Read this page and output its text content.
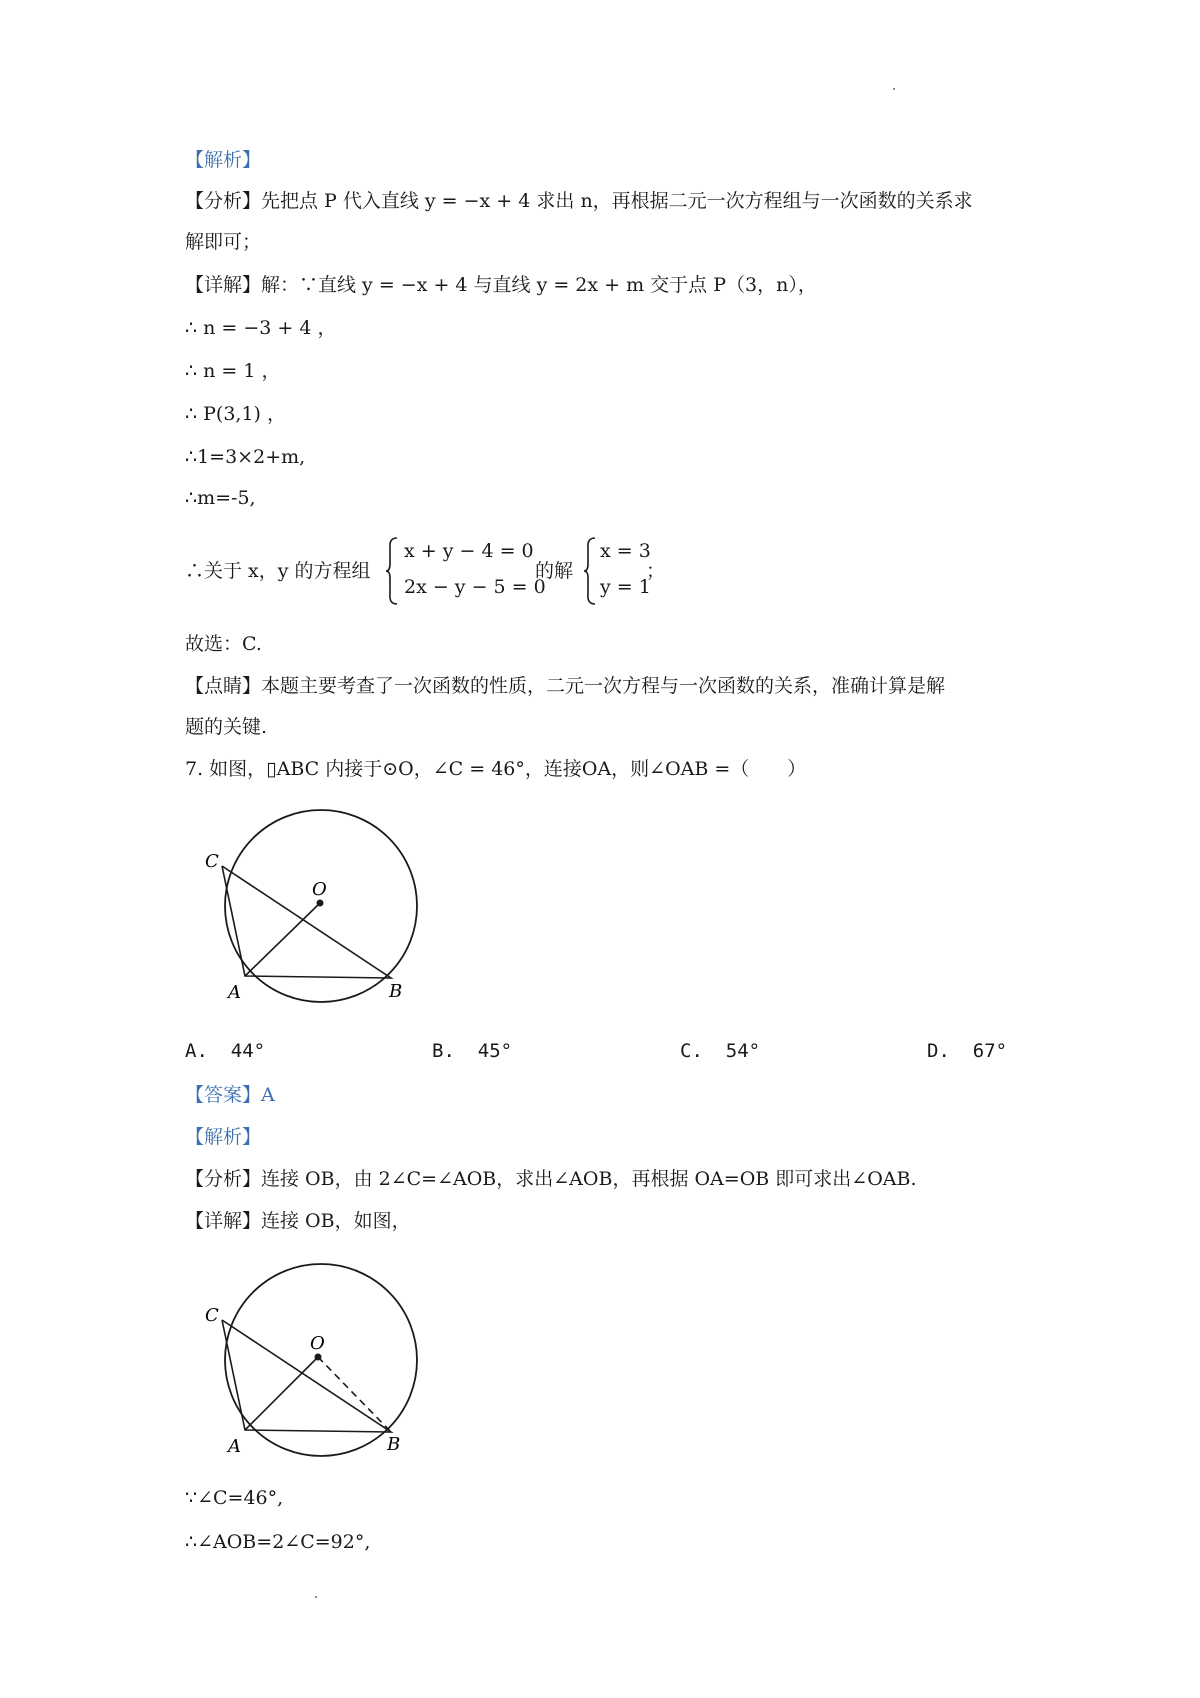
【解析】
【分析】先把点 P 代入直线 y = −x + 4 求出 n，再根据二元一次方程组与一次函数的关系求
解即可；
【详解】解：∵直线 y = −x + 4 与直线 y = 2x + m 交于点 P（3，n），
∴ n = −3 + 4 ，
∴ n = 1 ，
∴ P(3,1) ，
∴1=3×2+m,
∴m=-5,
∴关于 x，y 的方程组
x + y − 4 = 0
2x − y − 5 = 0
的解
x = 3
y = 1
；
故选：C.
【点睛】本题主要考查了一次函数的性质，二元一次方程与一次函数的关系，准确计算是解
题的关键.
7. 如图，▯ABC 内接于⊙O，∠C = 46°，连接OA，则∠OAB =（　　）
C
O
A	B
A. 44°	B. 45°	C. 54°	D. 67°
【答案】A
【解析】
【分析】连接 OB，由 2∠C=∠AOB，求出∠AOB，再根据 OA=OB 即可求出∠OAB.
【详解】连接 OB，如图，
C
O
A	B
∵∠C=46°,
∴∠AOB=2∠C=92°,
